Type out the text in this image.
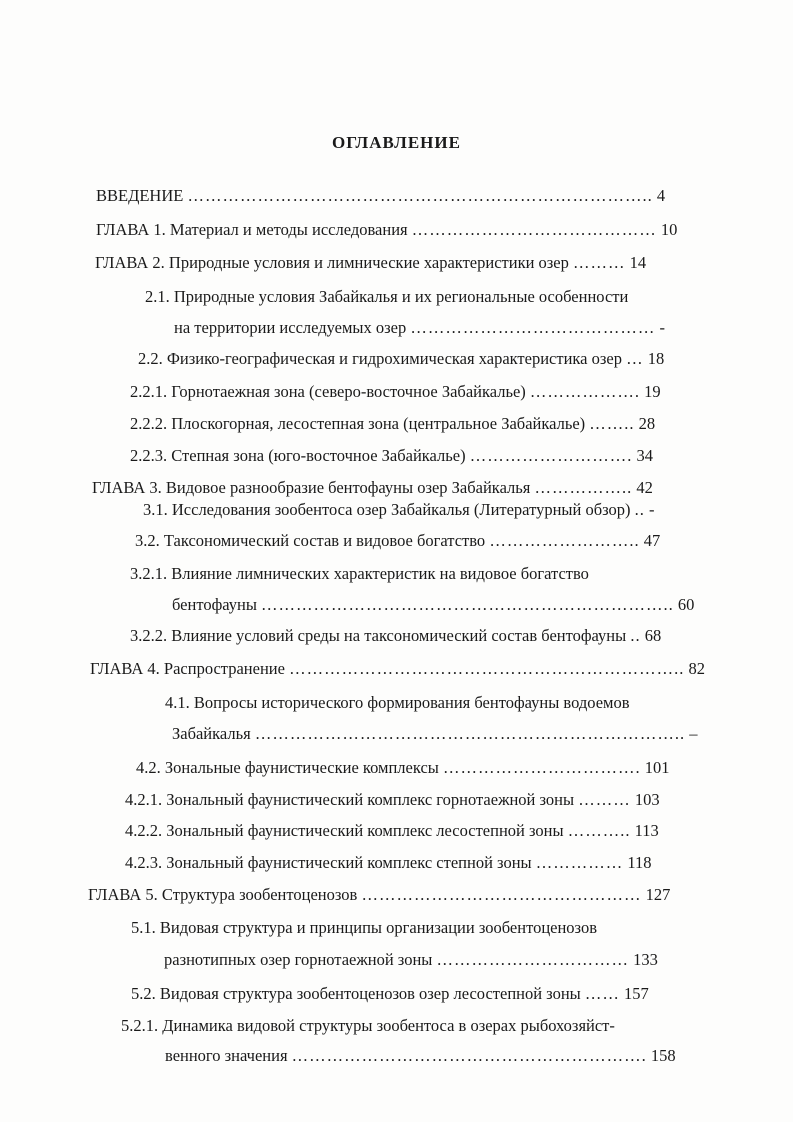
ОГЛАВЛЕНИЕ
ВВЕДЕНИЕ …………………………………………………………………….. 4
ГЛАВА 1. Материал и методы исследования …………………………………… 10
ГЛАВА 2. Природные условия и лимнические характеристики озер ……… 14
2.1. Природные условия Забайкалья и их региональные особенности
на территории исследуемых озер …………………………………… -
2.2. Физико-географическая и гидрохимическая характеристика озер … 18
2.2.1. Горнотаежная зона (северо-восточное Забайкалье) ………………. 19
2.2.2. Плоскогорная, лесостепная зона (центральное Забайкалье) …….. 28
2.2.3. Степная зона (юго-восточное Забайкалье) ………………………. 34
ГЛАВА 3. Видовое разнообразие бентофауны озер Забайкалья …………….. 42
3.1. Исследования зообентоса озер Забайкалья (Литературный обзор) .. -
3.2. Таксономический состав и видовое богатство …………………….. 47
3.2.1. Влияние лимнических характеристик на видовое богатство
бентофауны …………………………………………………………….. 60
3.2.2. Влияние условий среды на таксономический состав бентофауны .. 68
ГЛАВА 4. Распространение ………………………………………………………….. 82
4.1. Вопросы исторического формирования бентофауны водоемов
Забайкалья ……………………………………………………………….. –
4.2. Зональные фаунистические комплексы ……………………………. 101
4.2.1. Зональный фаунистический комплекс горнотаежной зоны ……… 103
4.2.2. Зональный фаунистический комплекс лесостепной зоны ……….. 113
4.2.3. Зональный фаунистический комплекс степной зоны …………… 118
ГЛАВА 5. Структура зообентоценозов ………………………………………… 127
5.1. Видовая структура и принципы организации зообентоценозов
разнотипных озер горнотаежной зоны …………………………… 133
5.2. Видовая структура зообентоценозов озер лесостепной зоны …… 157
5.2.1. Динамика видовой структуры зообентоса в озерах рыбохозяйст-
венного значения ……………………………………………………. 158
